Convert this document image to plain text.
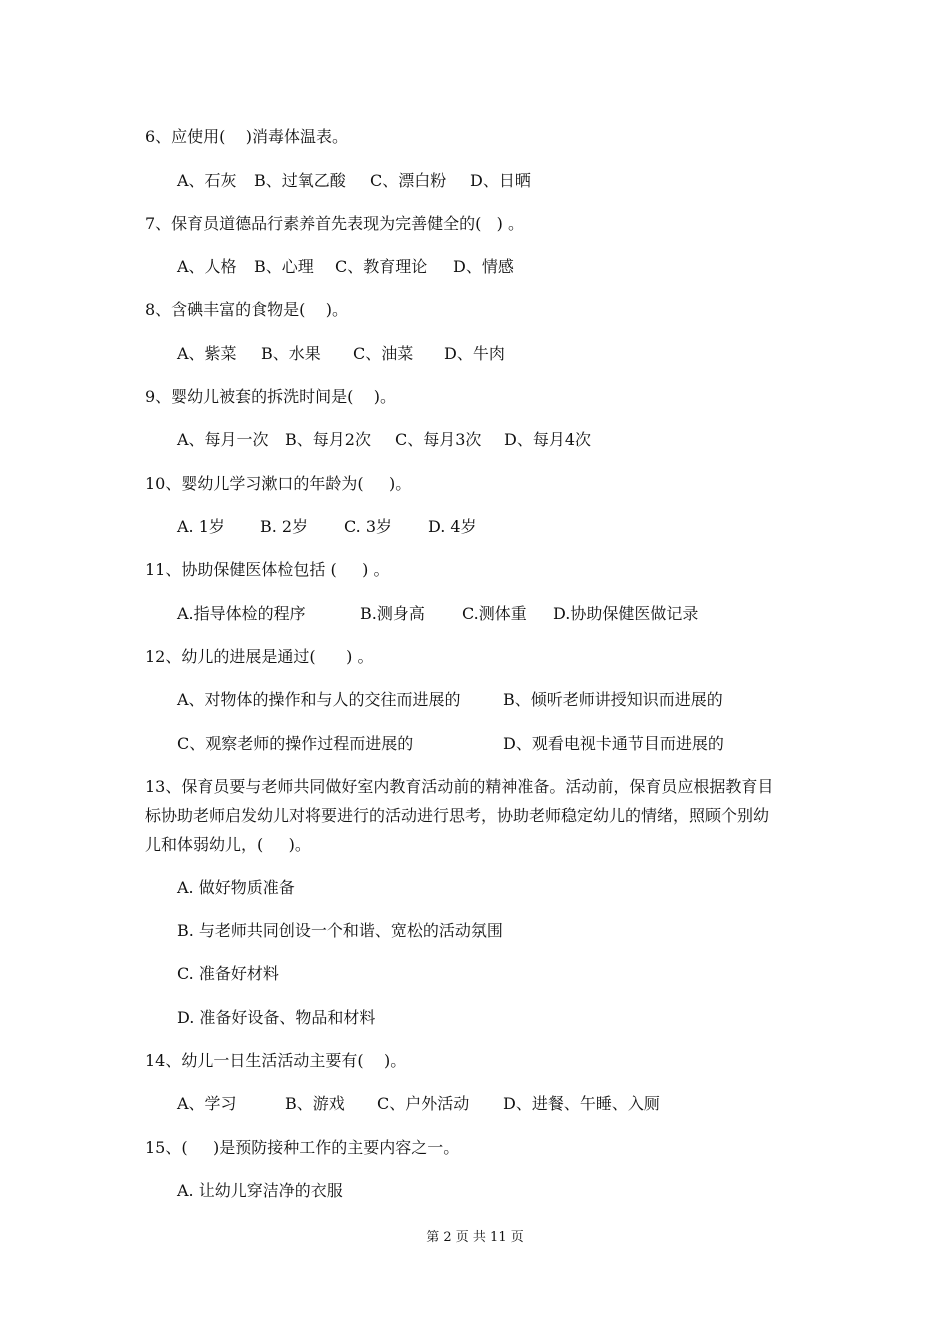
6、应使用(    )消毒体温表。

A、石灰

B、过氧乙酸

C、漂白粉

D、日晒

7、保育员道德品行素养首先表现为完善健全的(   ) 。

A、人格

B、心理

C、教育理论

D、情感

8、含碘丰富的食物是(    )。

A、紫菜

B、水果

C、油菜

D、牛肉

9、婴幼儿被套的拆洗时间是(    )。

A、每月一次

B、每月2次

C、每月3次

D、每月4次

10、婴幼儿学习漱口的年龄为(     )。

A. 1岁

B. 2岁

C. 3岁

D. 4岁

11、协助保健医体检包括 (     ) 。

A.指导体检的程序

	B.测身高

C.测体重

D.协助保健医做记录

12、幼儿的进展是通过(      ) 。

A、对物体的操作和与人的交往而进展的

	B、倾听老师讲授知识而进展的

C、观察老师的操作过程而进展的

	D、观看电视卡通节目而进展的

13、保育员要与老师共同做好室内教育活动前的精神准备。活动前，保育员应根据教育目
标协助老师启发幼儿对将要进行的活动进行思考，协助老师稳定幼儿的情绪，照顾个别幼
儿和体弱幼儿，(     )。
A. 做好物质准备
B. 与老师共同创设一个和谐、宽松的活动氛围
C. 准备好材料
D. 准备好设备、物品和材料
14、幼儿一日生活活动主要有(    )。

A、学习

	B、游戏

C、户外活动

D、进餐、午睡、入厕

15、(     )是预防接种工作的主要内容之一。
A. 让幼儿穿洁净的衣服
第 2 页 共 11 页
